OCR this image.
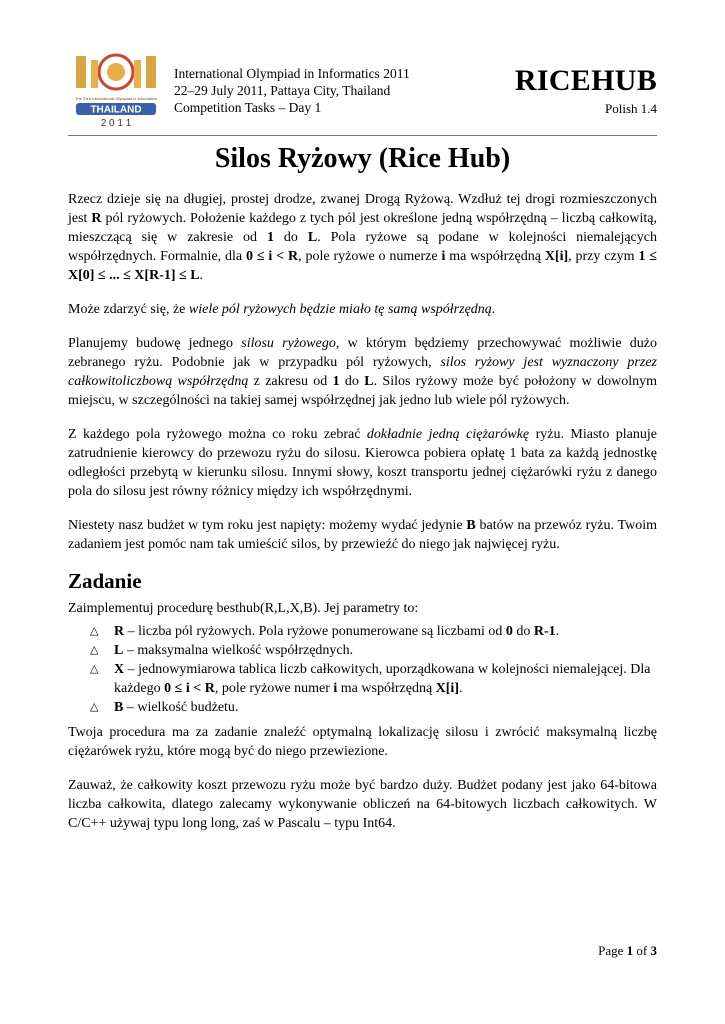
The 23rd International Olympiad in Informatics
THAILAND
2 0 1 1
International Olympiad in Informatics 2011
22–29 July 2011, Pattaya City, Thailand
Competition Tasks – Day 1
RICEHUB
Polish 1.4
Silos Ryżowy (Rice Hub)

Rzecz dzieje się na długiej, prostej drodze, zwanej Drogą Ryżową. Wzdłuż tej drogi rozmieszczonych jest R pól ryżowych. Położenie każdego z tych pól jest określone jedną współrzędną – liczbą całkowitą, mieszczącą się w zakresie od 1 do L. Pola ryżowe są podane w kolejności niemalejących współrzędnych. Formalnie, dla 0 ≤ i < R, pole ryżowe o numerze i ma współrzędną X[i], przy czym 1 ≤ X[0] ≤ ... ≤ X[R-1] ≤ L.

Może zdarzyć się, że wiele pól ryżowych będzie miało tę samą współrzędną.

Planujemy budowę jednego silosu ryżowego, w którym będziemy przechowywać możliwie dużo zebranego ryżu. Podobnie jak w przypadku pól ryżowych, silos ryżowy jest wyznaczony przez całkowitoliczbową współrzędną z zakresu od 1 do L. Silos ryżowy może być położony w dowolnym miejscu, w szczególności na takiej samej współrzędnej jak jedno lub wiele pól ryżowych.

Z każdego pola ryżowego można co roku zebrać dokładnie jedną ciężarówkę ryżu. Miasto planuje zatrudnienie kierowcy do przewozu ryżu do silosu. Kierowca pobiera opłatę 1 bata za każdą jednostkę odległości przebytą w kierunku silosu. Innymi słowy, koszt transportu jednej ciężarówki ryżu z danego pola do silosu jest równy różnicy między ich współrzędnymi.

Niestety nasz budżet w tym roku jest napięty: możemy wydać jedynie B batów na przewóz ryżu. Twoim zadaniem jest pomóc nam tak umieścić silos, by przewieźć do niego jak najwięcej ryżu.

Zadanie

Zaimplementuj procedurę besthub(R,L,X,B). Jej parametry to:

△ R – liczba pól ryżowych. Pola ryżowe ponumerowane są liczbami od 0 do R-1.
△ L – maksymalna wielkość współrzędnych.
△ X – jednowymiarowa tablica liczb całkowitych, uporządkowana w kolejności niemalejącej. Dla każdego 0 ≤ i < R, pole ryżowe numer i ma współrzędną X[i].
△ B – wielkość budżetu.

Twoja procedura ma za zadanie znaleźć optymalną lokalizację silosu i zwrócić maksymalną liczbę ciężarówek ryżu, które mogą być do niego przewiezione.

Zauważ, że całkowity koszt przewozu ryżu może być bardzo duży. Budżet podany jest jako 64-bitowa liczba całkowita, dlatego zalecamy wykonywanie obliczeń na 64-bitowych liczbach całkowitych. W C/C++ używaj typu long long, zaś w Pascalu – typu Int64.

Page 1 of 3
